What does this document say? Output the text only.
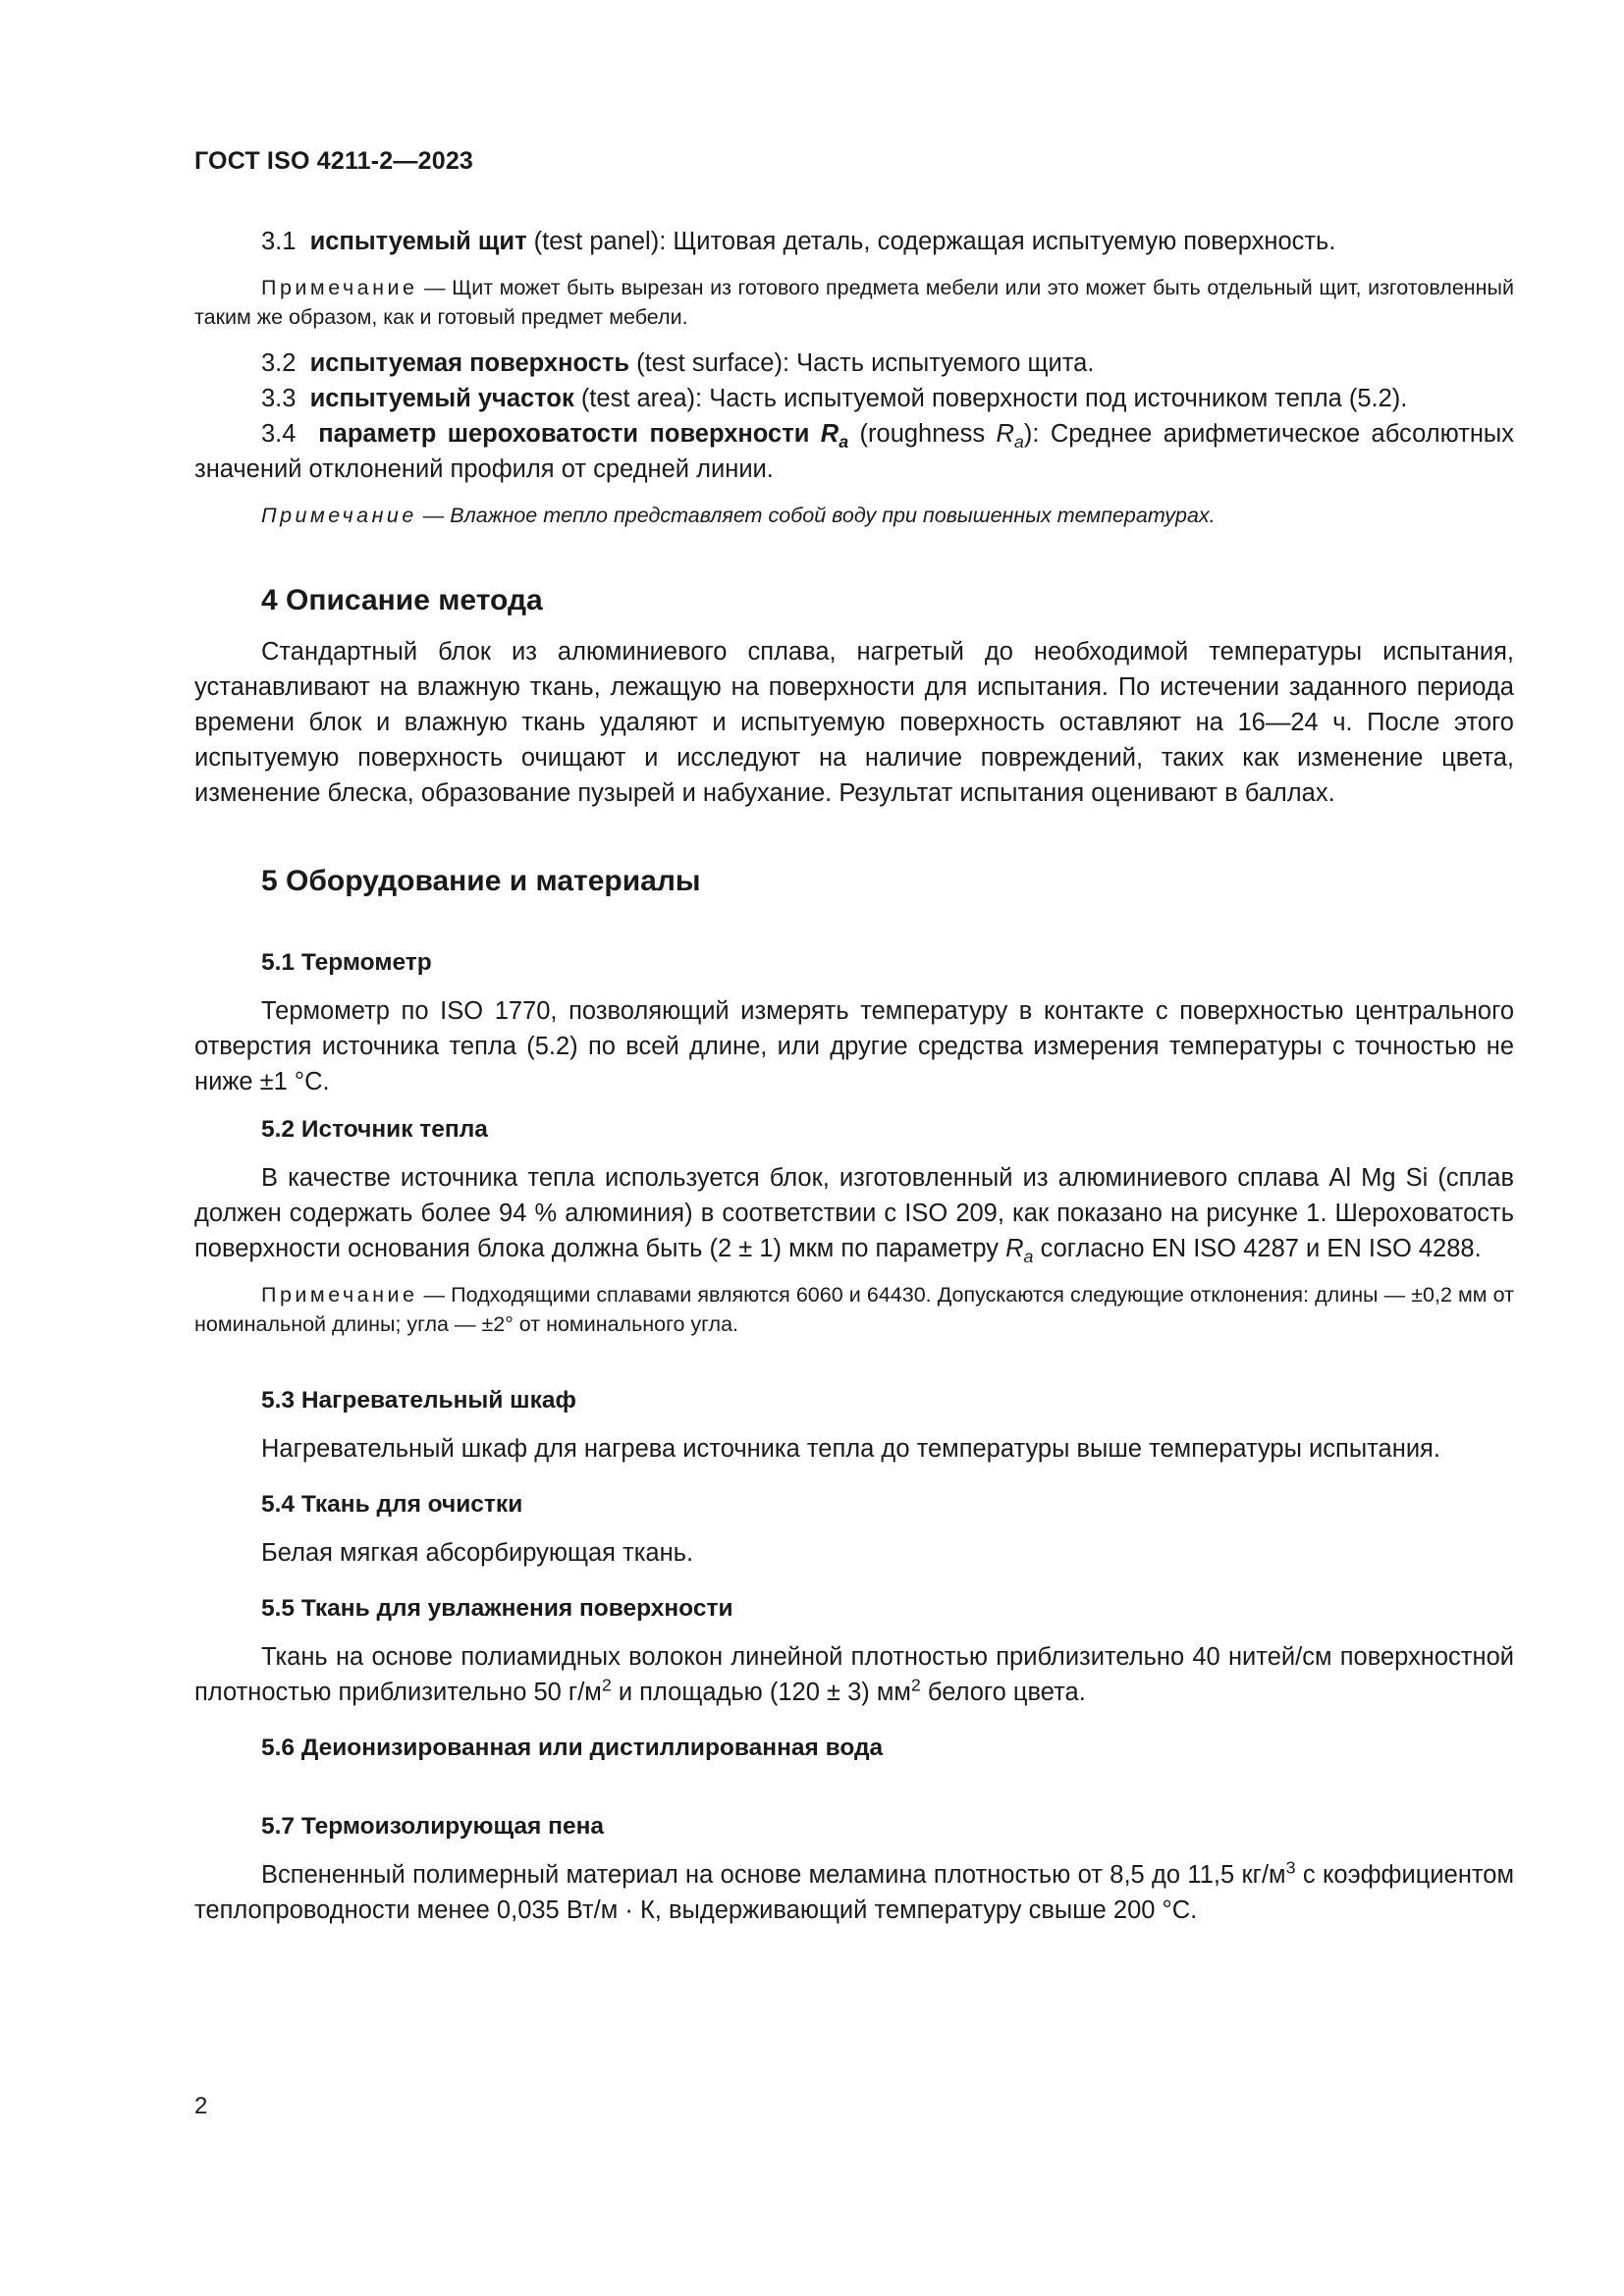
ГОСТ ISO 4211-2—2023

3.1 испытуемый щит (test panel): Щитовая деталь, содержащая испытуемую поверхность.

Примечание — Щит может быть вырезан из готового предмета мебели или это может быть отдельный щит, изготовленный таким же образом, как и готовый предмет мебели.

3.2 испытуемая поверхность (test surface): Часть испытуемого щита.

3.3 испытуемый участок (test area): Часть испытуемой поверхности под источником тепла (5.2).

3.4 параметр шероховатости поверхности $R_a$ (roughness $R_a$): Среднее арифметическое абсолютных значений отклонений профиля от средней линии.

Примечание — Влажное тепло представляет собой воду при повышенных температурах.
4 Описание метода

Стандартный блок из алюминиевого сплава, нагретый до необходимой температуры испытания, устанавливают на влажную ткань, лежащую на поверхности для испытания. По истечении заданного периода времени блок и влажную ткань удаляют и испытуемую поверхность оставляют на 16—24 ч. После этого испытуемую поверхность очищают и исследуют на наличие повреждений, таких как изменение цвета, изменение блеска, образование пузырей и набухание. Результат испытания оценивают в баллах.

5 Оборудование и материалы
5.1 Термометр

Термометр по ISO 1770, позволяющий измерять температуру в контакте с поверхностью центрального отверстия источника тепла (5.2) по всей длине, или другие средства измерения температуры с точностью не ниже ±1 °C.

5.2 Источник тепла

В качестве источника тепла используется блок, изготовленный из алюминиевого сплава Al Mg Si (сплав должен содержать более 94 % алюминия) в соответствии с ISO 209, как показано на рисунке 1. Шероховатость поверхности основания блока должна быть (2 ± 1) мкм по параметру $R_a$ согласно EN ISO 4287 и EN ISO 4288.

Примечание — Подходящими сплавами являются 6060 и 64430. Допускаются следующие отклонения: длины — ±0,2 мм от номинальной длины; угла — ±2° от номинального угла.
5.3 Нагревательный шкаф

Нагревательный шкаф для нагрева источника тепла до температуры выше температуры испытания.

5.4 Ткань для очистки

Белая мягкая абсорбирующая ткань.

5.5 Ткань для увлажнения поверхности

Ткань на основе полиамидных волокон линейной плотностью приблизительно 40 нитей/см поверхностной плотностью приблизительно 50 $г/м^2$ и площадью (120 ± 3) $мм^2$ белого цвета.

5.6 Деионизированная или дистиллированная вода
5.7 Термоизолирующая пена

Вспененный полимерный материал на основе меламина плотностью от 8,5 до 11,5 $кг/м^3$ с коэффициентом теплопроводности менее 0,035 Вт/м · К, выдерживающий температуру свыше 200 °C.

2
